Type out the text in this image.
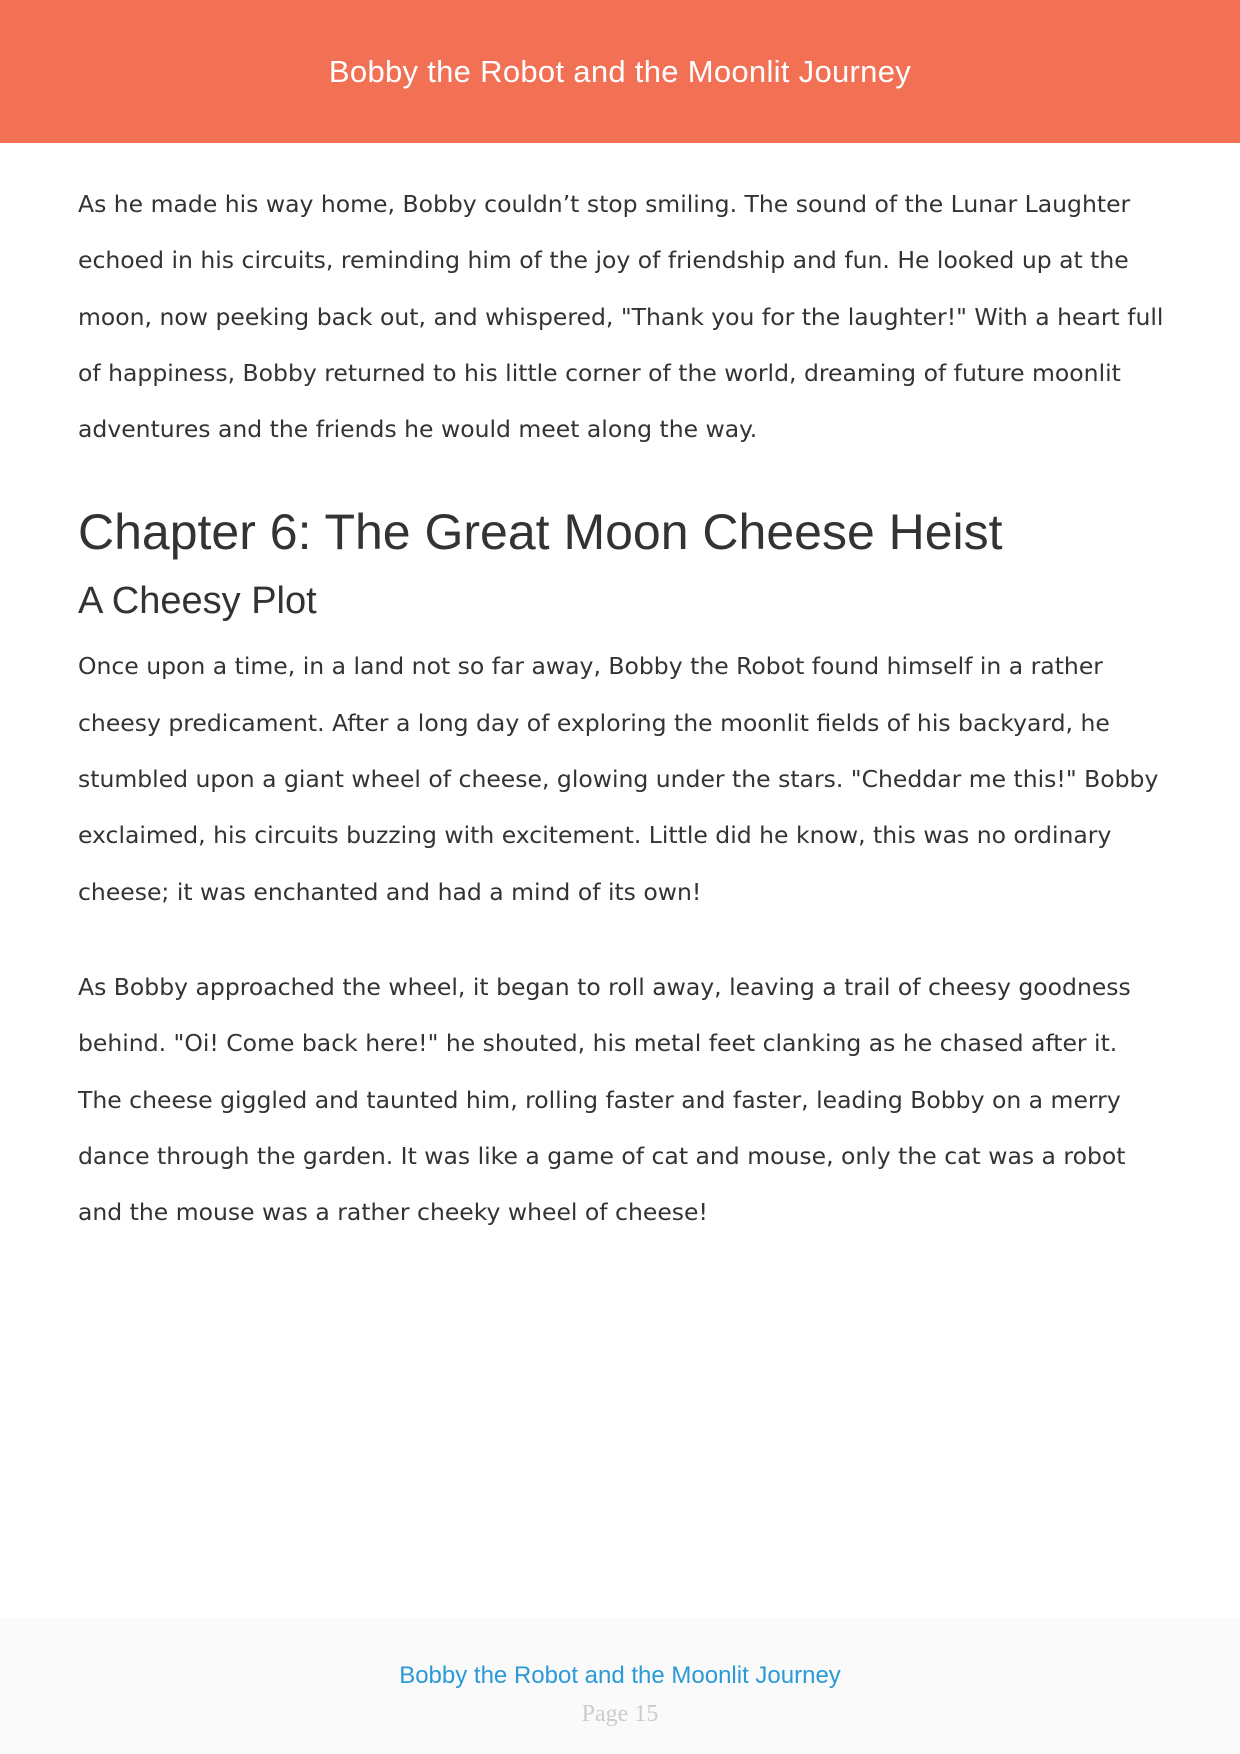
Bobby the Robot and the Moonlit Journey

As he made his way home, Bobby couldn’t stop smiling. The sound of the Lunar Laughter echoed in his circuits, reminding him of the joy of friendship and fun. He looked up at the moon, now peeking back out, and whispered, "Thank you for the laughter!" With a heart full of happiness, Bobby returned to his little corner of the world, dreaming of future moonlit adventures and the friends he would meet along the way.

Chapter 6: The Great Moon Cheese Heist
A Cheesy Plot

Once upon a time, in a land not so far away, Bobby the Robot found himself in a rather cheesy predicament. After a long day of exploring the moonlit fields of his backyard, he stumbled upon a giant wheel of cheese, glowing under the stars. "Cheddar me this!" Bobby exclaimed, his circuits buzzing with excitement. Little did he know, this was no ordinary cheese; it was enchanted and had a mind of its own!

As Bobby approached the wheel, it began to roll away, leaving a trail of cheesy goodness behind. "Oi! Come back here!" he shouted, his metal feet clanking as he chased after it. The cheese giggled and taunted him, rolling faster and faster, leading Bobby on a merry dance through the garden. It was like a game of cat and mouse, only the cat was a robot and the mouse was a rather cheeky wheel of cheese!

Bobby the Robot and the Moonlit Journey
Page 15
